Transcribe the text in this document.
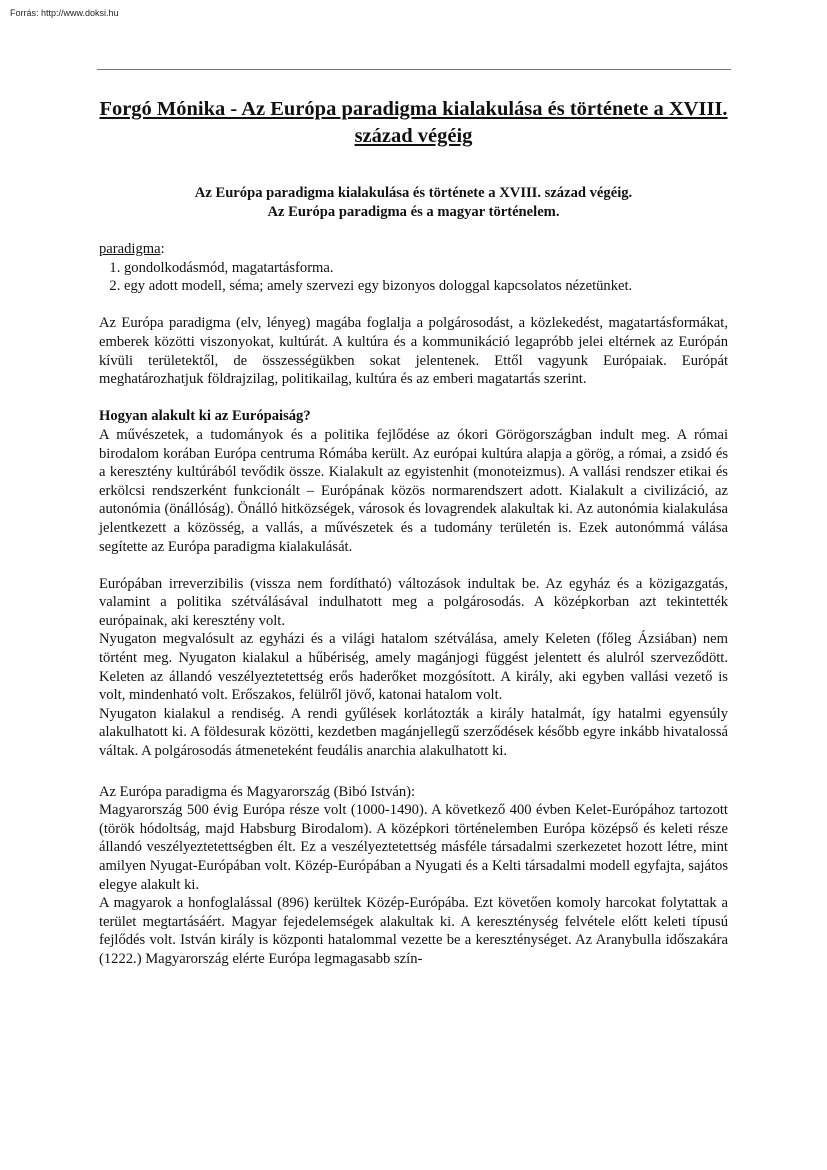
Forrás: http://www.doksi.hu
Forgó Mónika - Az Európa paradigma kialakulása és története a XVIII. század végéig
Az Európa paradigma kialakulása és története a XVIII. század végéig.
Az Európa paradigma és a magyar történelem.
paradigma:
1. gondolkodásmód, magatartásforma.
2. egy adott modell, séma; amely szervezi egy bizonyos dologgal kapcsolatos nézetünket.

Az Európa paradigma (elv, lényeg) magába foglalja a polgárosodást, a közlekedést, magatartásformákat, emberek közötti viszonyokat, kultúrát. A kultúra és a kommunikáció legapróbb jelei eltérnek az Európán kívüli területektől, de összességükben sokat jelentenek. Ettől vagyunk Európaiak. Európát meghatározhatjuk földrajzilag, politikailag, kultúra és az emberi magatartás szerint.

Hogyan alakult ki az Európaiság?

A művészetek, a tudományok és a politika fejlődése az ókori Görögországban indult meg. A római birodalom korában Európa centruma Rómába került. Az európai kultúra alapja a görög, a római, a zsidó és a keresztény kultúrából tevődik össze. Kialakult az egyistenhit (monoteizmus). A vallási rendszer etikai és erkölcsi rendszerként funkcionált – Európának közös normarendszert adott. Kialakult a civilizáció, az autonómia (önállóság). Önálló hitközségek, városok és lovagrendek alakultak ki. Az autonómia kialakulása jelentkezett a közösség, a vallás, a művészetek és a tudomány területén is. Ezek autonómmá válása segítette az Európa paradigma kialakulását.

Európában irreverzibilis (vissza nem fordítható) változások indultak be. Az egyház és a közigazgatás, valamint a politika szétválásával indulhatott meg a polgárosodás. A középkorban azt tekintették európainak, aki keresztény volt.

Nyugaton megvalósult az egyházi és a világi hatalom szétválása, amely Keleten (főleg Ázsiában) nem történt meg. Nyugaton kialakul a hűbériség, amely magánjogi függést jelentett és alulról szerveződött. Keleten az állandó veszélyeztetettség erős haderőket mozgósított. A király, aki egyben vallási vezető is volt, mindenható volt. Erőszakos, felülről jövő, katonai hatalom volt.

Nyugaton kialakul a rendiség. A rendi gyűlések korlátozták a király hatalmát, így hatalmi egyensúly alakulhatott ki. A földesurak közötti, kezdetben magánjellegű szerződések később egyre inkább hivatalossá váltak. A polgárosodás átmeneteként feudális anarchia alakulhatott ki.

Az Európa paradigma és Magyarország (Bibó István):

Magyarország 500 évig Európa része volt (1000-1490). A következő 400 évben Kelet-Európához tartozott (török hódoltság, majd Habsburg Birodalom). A középkori történelemben Európa középső és keleti része állandó veszélyeztetettségben élt. Ez a veszélyeztetettség másféle társadalmi szerkezetet hozott létre, mint amilyen Nyugat-Európában volt. Közép-Európában a Nyugati és a Kelti társadalmi modell egyfajta, sajátos elegye alakult ki.

A magyarok a honfoglalással (896) kerültek Közép-Európába. Ezt követően komoly harcokat folytattak a terület megtartásáért. Magyar fejedelemségek alakultak ki. A kereszténység felvétele előtt keleti típusú fejlődés volt. István király is központi hatalommal vezette be a kereszténységet. Az Aranybulla időszakára (1222.) Magyarország elérte Európa legmagasabb szín-
